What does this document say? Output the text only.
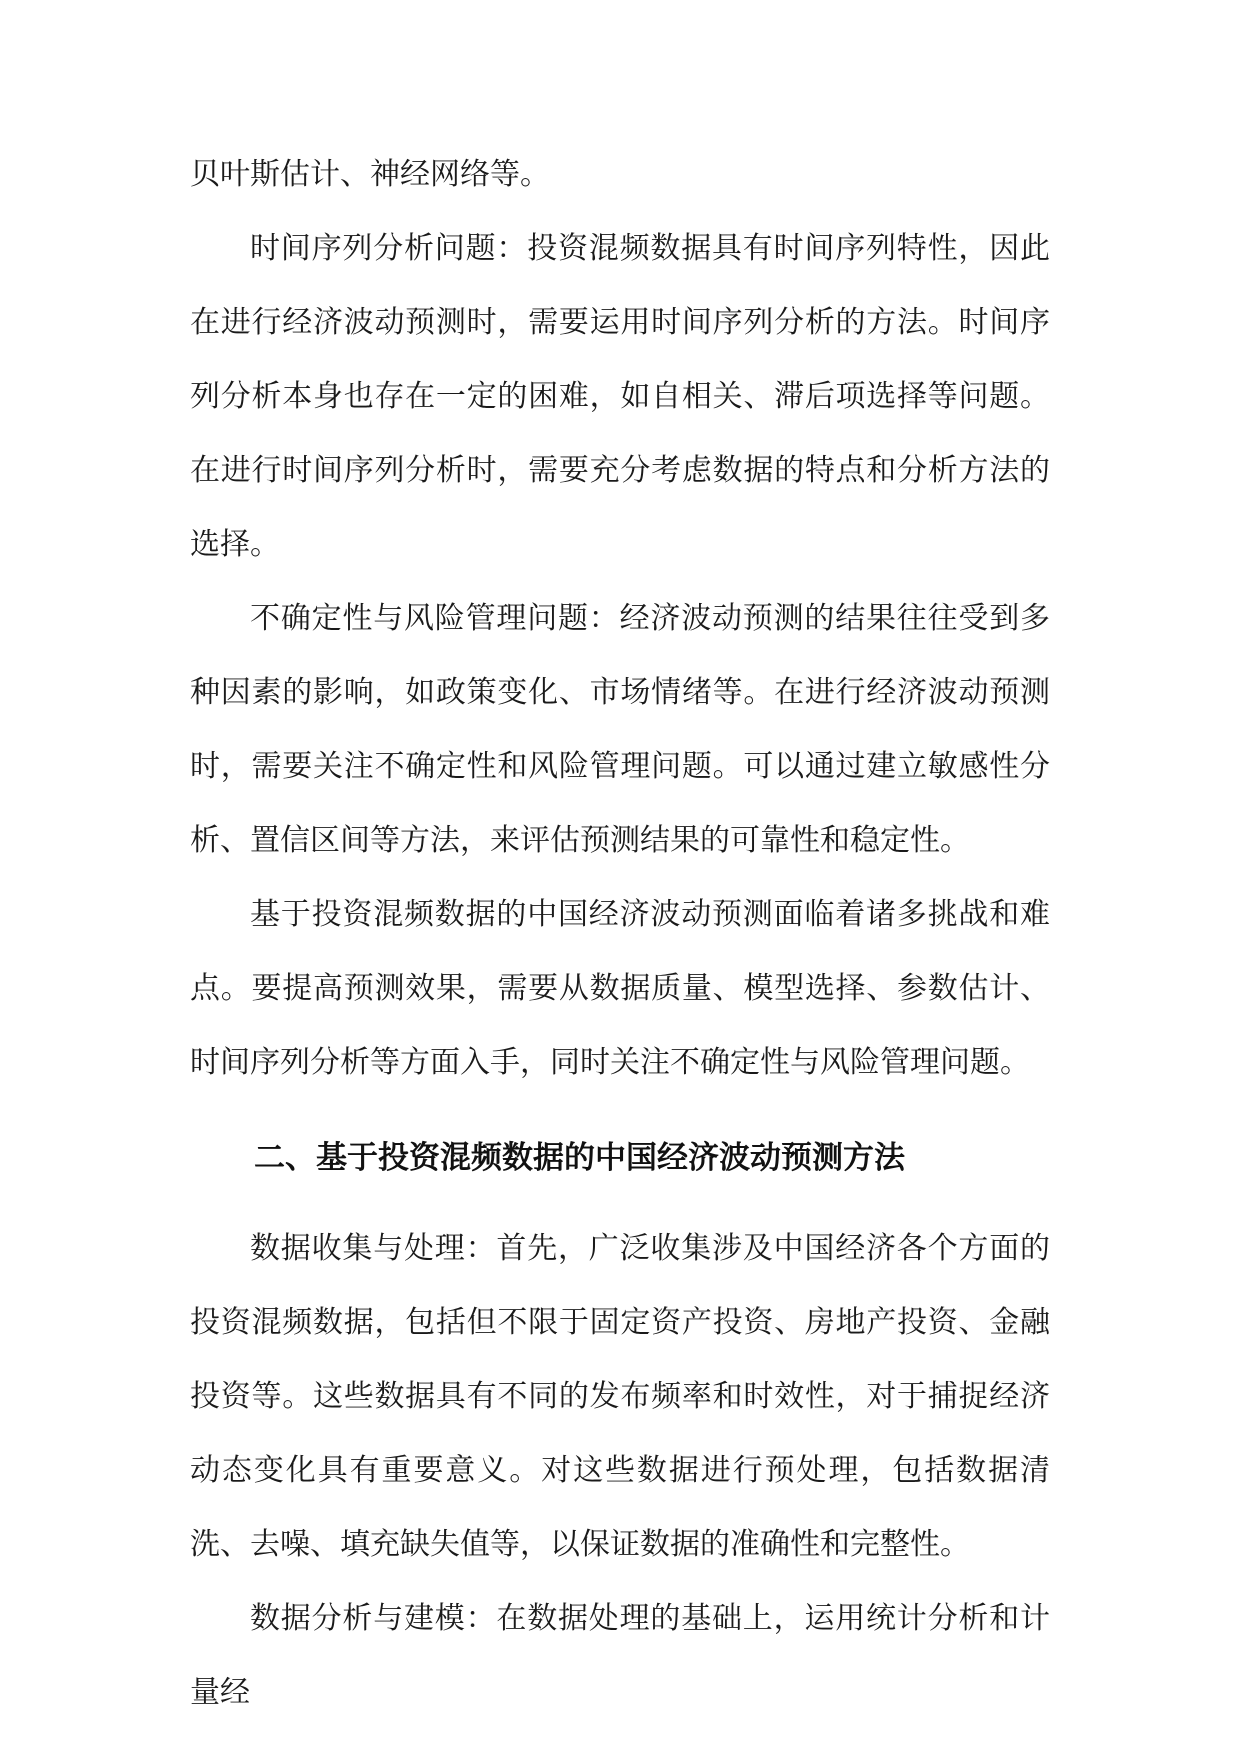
贝叶斯估计、神经网络等。

时间序列分析问题：投资混频数据具有时间序列特性，因此在进行经济波动预测时，需要运用时间序列分析的方法。时间序列分析本身也存在一定的困难，如自相关、滞后项选择等问题。在进行时间序列分析时，需要充分考虑数据的特点和分析方法的选择。

不确定性与风险管理问题：经济波动预测的结果往往受到多种因素的影响，如政策变化、市场情绪等。在进行经济波动预测时，需要关注不确定性和风险管理问题。可以通过建立敏感性分析、置信区间等方法，来评估预测结果的可靠性和稳定性。

基于投资混频数据的中国经济波动预测面临着诸多挑战和难点。要提高预测效果，需要从数据质量、模型选择、参数估计、时间序列分析等方面入手，同时关注不确定性与风险管理问题。

二、基于投资混频数据的中国经济波动预测方法

数据收集与处理：首先，广泛收集涉及中国经济各个方面的投资混频数据，包括但不限于固定资产投资、房地产投资、金融投资等。这些数据具有不同的发布频率和时效性，对于捕捉经济动态变化具有重要意义。对这些数据进行预处理，包括数据清洗、去噪、填充缺失值等，以保证数据的准确性和完整性。

数据分析与建模：在数据处理的基础上，运用统计分析和计量经
